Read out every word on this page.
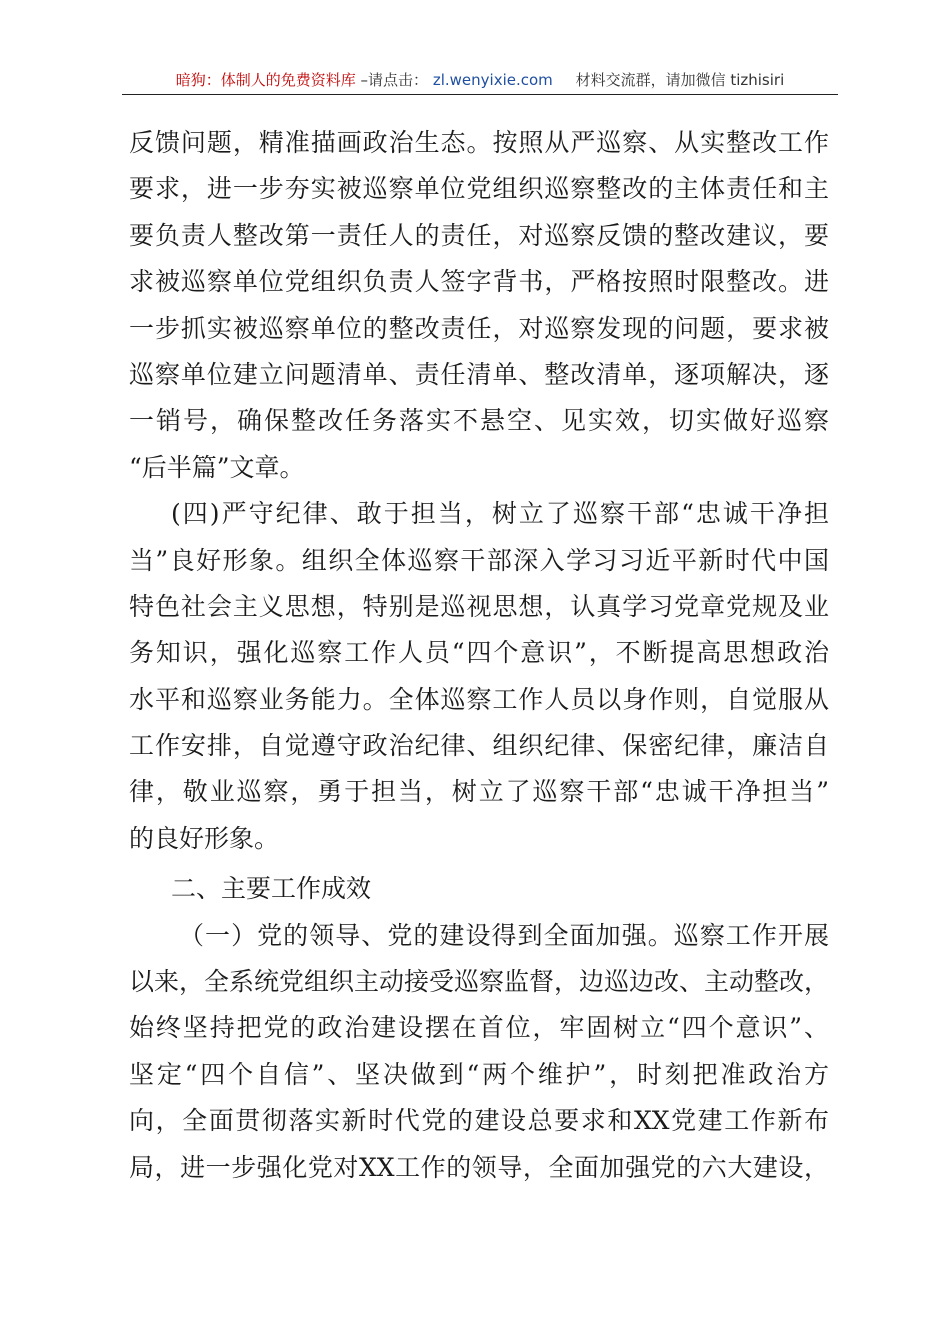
暗狗：体制人的免费资料库 –请点击： zl.wenyixie.com 材料交流群，请加微信 tizhisiri
反馈问题，精准描画政治生态。按照从严巡察、从实整改工作
要求，进一步夯实被巡察单位党组织巡察整改的主体责任和主
要负责人整改第一责任人的责任，对巡察反馈的整改建议，要
求被巡察单位党组织负责人签字背书，严格按照时限整改。进
一步抓实被巡察单位的整改责任，对巡察发现的问题，要求被
巡察单位建立问题清单、责任清单、整改清单，逐项解决，逐
一销号，确保整改任务落实不悬空、见实效，切实做好巡察
“后半篇”文章。
(四)严守纪律、敢于担当，树立了巡察干部“忠诚干净担
当”良好形象。组织全体巡察干部深入学习习近平新时代中国
特色社会主义思想，特别是巡视思想，认真学习党章党规及业
务知识，强化巡察工作人员“四个意识”，不断提高思想政治
水平和巡察业务能力。全体巡察工作人员以身作则，自觉服从
工作安排，自觉遵守政治纪律、组织纪律、保密纪律，廉洁自
律，敬业巡察，勇于担当，树立了巡察干部“忠诚干净担当”
的良好形象。
二、主要工作成效
（一）党的领导、党的建设得到全面加强。巡察工作开展
以来，全系统党组织主动接受巡察监督，边巡边改、主动整改，
始终坚持把党的政治建设摆在首位，牢固树立“四个意识”、
坚定“四个自信”、坚决做到“两个维护”，时刻把准政治方
向，全面贯彻落实新时代党的建设总要求和XX党建工作新布
局，进一步强化党对XX工作的领导，全面加强党的六大建设，
